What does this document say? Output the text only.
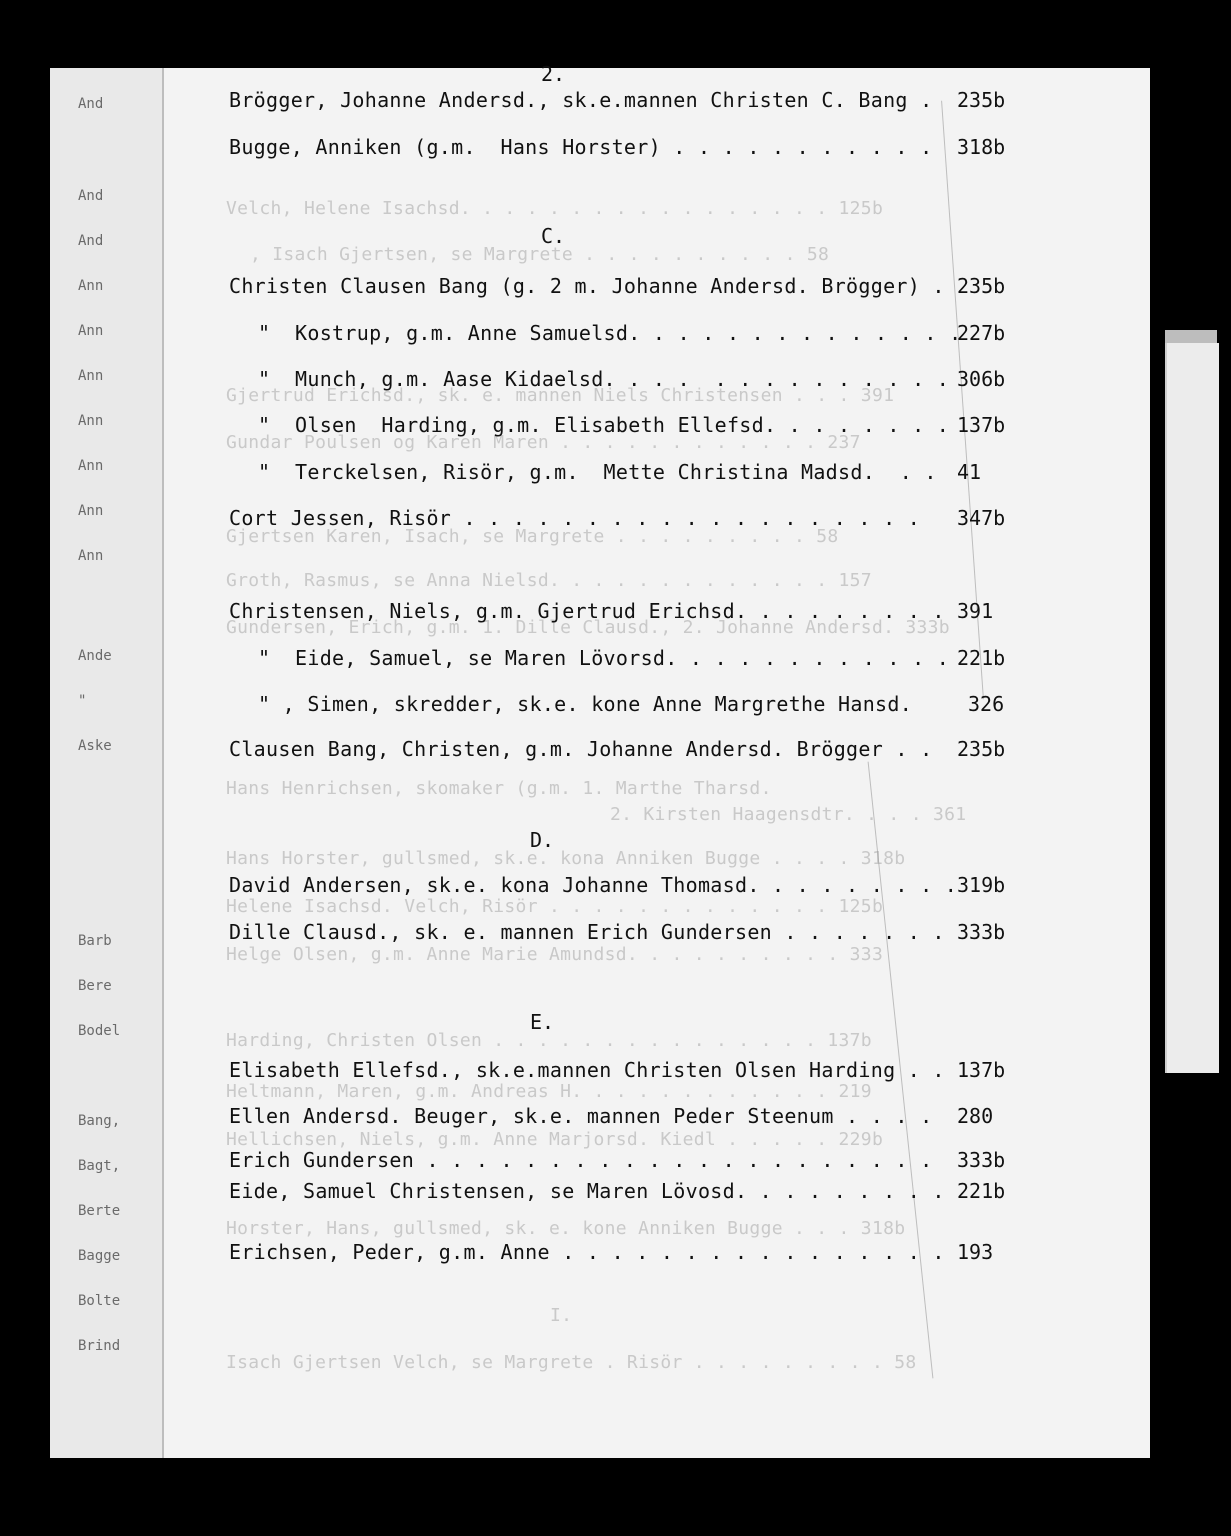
And
And
And
Ann
Ann
Ann
Ann
Ann
Ann
Ann
Ande
"
Aske
Barb
Bere
Bodel
Bang,
Bagt,
Berte
Bagge
Bolte
Brind
Velch, Helene Isachsd. . . . . . . . . . . . . . . . . 125b
, Isach Gjertsen, se Margrete . . . . . . . . . . 58
Gjertrud Erichsd., sk. e. mannen Niels Christensen . . . 391
Gundar Poulsen og Karen Maren . . . . . . . . . . . . 237
Gjertsen Karen, Isach, se Margrete . . . . . . . . . 58
Groth, Rasmus, se Anna Nielsd. . . . . . . . . . . . . 157
Gundersen, Erich, g.m. 1. Dille Clausd., 2. Johanne Andersd. 333b
Hans Henrichsen, skomaker (g.m. 1. Marthe Tharsd.
2. Kirsten Haagensdtr. . . . 361
Hans Horster, gullsmed, sk.e. kona Anniken Bugge . . . . 318b
Helene Isachsd. Velch, Risör . . . . . . . . . . . . . 125b
Helge Olsen, g.m. Anne Marie Amundsd. . . . . . . . . . 333
Harding, Christen Olsen . . . . . . . . . . . . . . . 137b
Heltmann, Maren, g.m. Andreas H. . . . . . . . . . . . 219
Hellichsen, Niels, g.m. Anne Marjorsd. Kiedl . . . . . 229b
Horster, Hans, gullsmed, sk. e. kone Anniken Bugge . . . 318b
I.
Isach Gjertsen Velch, se Margrete . Risör . . . . . . . . . 58
2.
Brögger, Johanne Andersd., sk.e.mannen Christen C. Bang . 235b
Bugge, Anniken (g.m.  Hans Horster) . . . . . . . . . . . 318b
C.
Christen Clausen Bang (g. 2 m. Johanne Andersd. Brögger) . 235b
"  Kostrup, g.m. Anne Samuelsd. . . . . . . . . . . . . .
227b
"  Munch, g.m. Aase Kidaelsd. . . .  . . . . . . . . . . 306b
"  Olsen  Harding, g.m. Elisabeth Ellefsd. . . . . . . . 137b
"  Terckelsen, Risör, g.m.  Mette Christina Madsd.  . . 41
Cort Jessen, Risör . . . . . . . . . . . . . . . . . . . 347b
Christensen, Niels, g.m. Gjertrud Erichsd. . . . . . . . . 391
"  Eide, Samuel, se Maren Lövorsd. . . . . . . . . . . . 221b
" , Simen, skredder, sk.e. kone Anne Margrethe Hansd.	326
Clausen Bang, Christen, g.m. Johanne Andersd. Brögger . . 235b
D.
David Andersen, sk.e. kona Johanne Thomasd. . . . . . . . . 319b
Dille Clausd., sk. e. mannen Erich Gundersen . . . . . . . 333b
E.
Elisabeth Ellefsd., sk.e.mannen Christen Olsen Harding . . 137b
Ellen Andersd. Beuger, sk.e. mannen Peder Steenum . . . . 280
Erich Gundersen . . . . . . . . . . . . . . . . . . . . . 333b
Eide, Samuel Christensen, se Maren Lövosd. . . . . . . . . 221b
Erichsen, Peder, g.m. Anne . . . . . . . . . . . . . . . . 193
